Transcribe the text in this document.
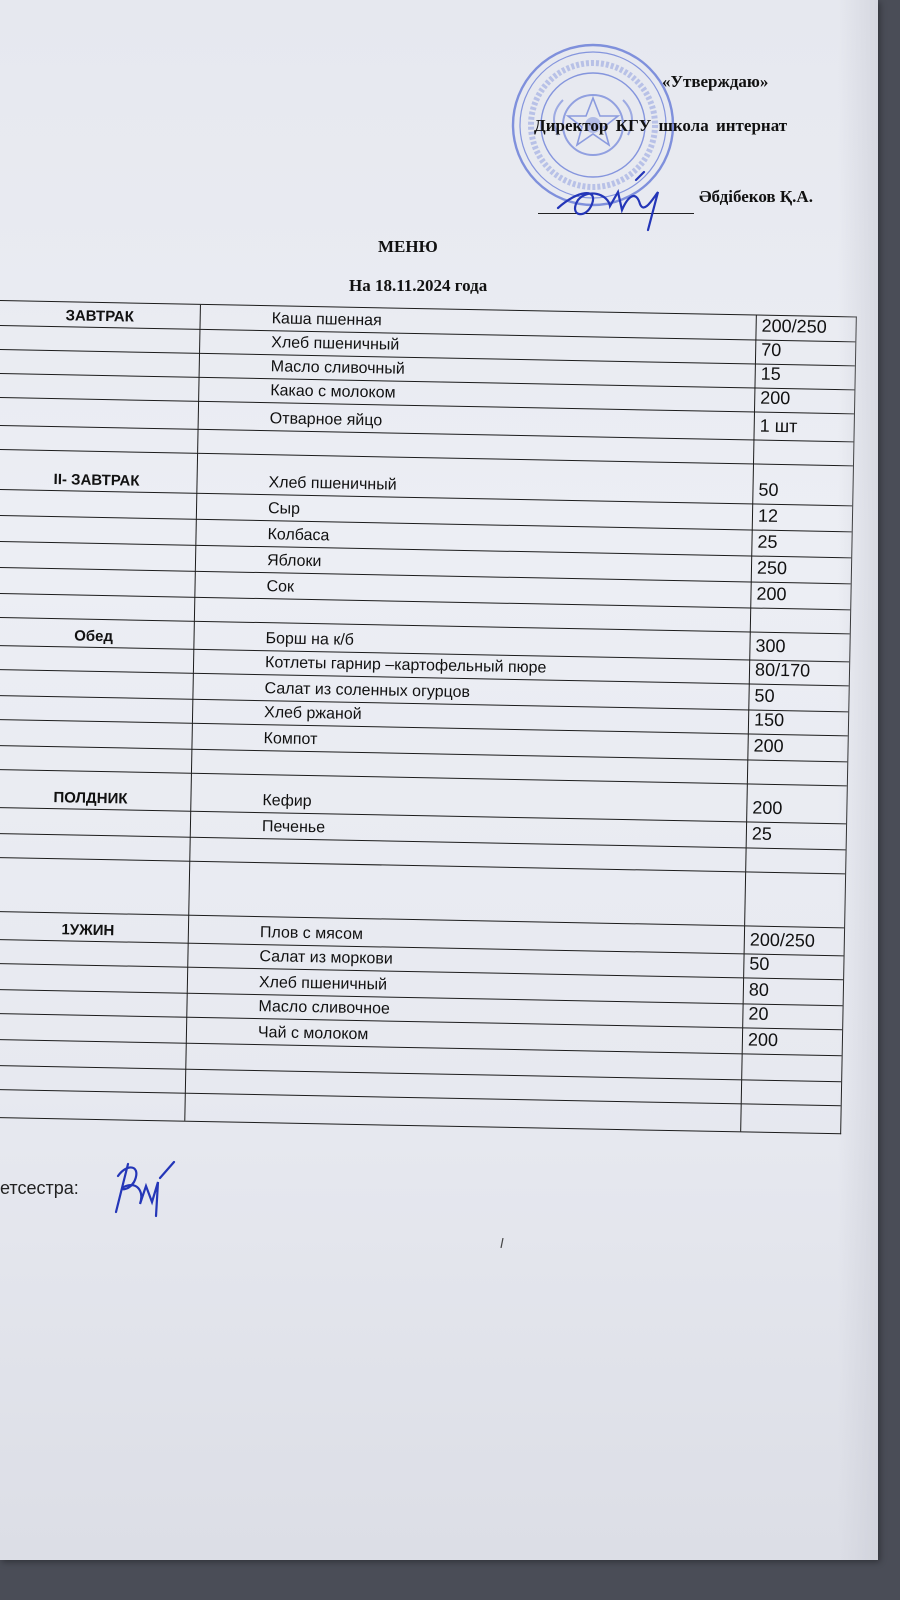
«Утверждаю»
Директор КГУ школа интернат
Әбдібеков Қ.А.
МЕНЮ
На 18.11.2024 года
ЗАВТРАК	Каша пшенная	200/250
Хлеб пшеничный	70
Масло сливочный	15
Какао с молоком	200
Отварное яйцо	1 шт
II- ЗАВТРАК	Хлеб пшеничный	50
Сыр	12
Колбаса	25
Яблоки	250
Сок	200
Обед	Борш на к/б	300
Котлеты гарнир –картофельный пюре	80/170
Салат из соленных огурцов	50
Хлеб ржаной	150
Компот	200
ПОЛДНИК	Кефир	200
Печенье	25
1УЖИН	Плов с мясом	200/250
Салат из моркови	50
Хлеб пшеничный	80
Масло сливочное	20
Чай с молоком	200
етсестра:
